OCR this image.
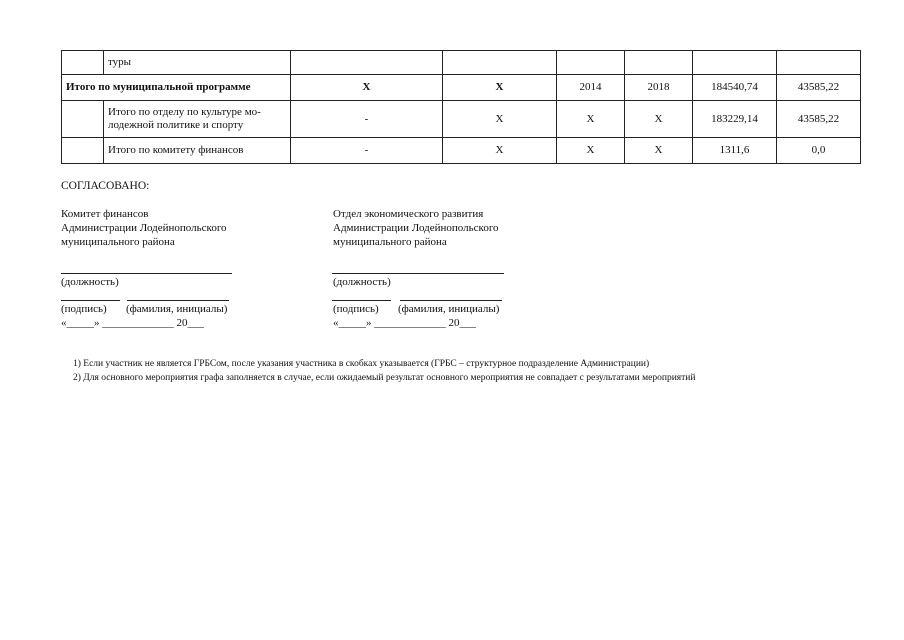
	туры						
Итого по муниципальной программе		X	X	2014	2018	184540,74	43585,22
	Итого по отделу по культуре мо-лодежной политике и спорту	-	X	X	X	183229,14	43585,22
	Итого по комитету финансов	-	X	X	X	1311,6	0,0
СОГЛАСОВАНО:
Комитет финансов
Администрации Лодейнопольского
муниципального района
(должность)
(подпись) (фамилия, инициалы)
«_____» _____________ 20___
Отдел экономического развития
Администрации Лодейнопольского
муниципального района
(должность)
(подпись) (фамилия, инициалы)
«_____» _____________ 20___
1) Если участник не является ГРБСом, после указания участника в скобках указывается (ГРБС – структурное подразделение Администрации)
2) Для основного мероприятия графа заполняется в случае, если ожидаемый результат основного мероприятия не совпадает с результатами мероприятий
